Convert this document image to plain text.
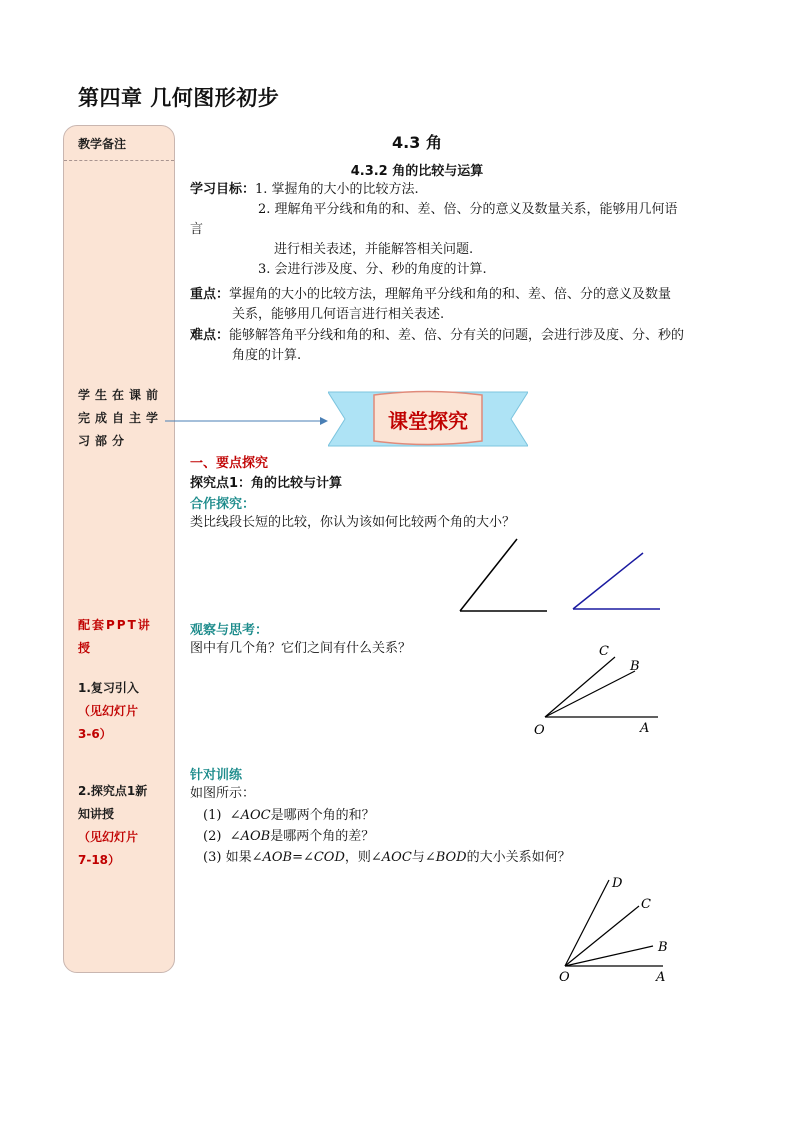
第四章 几何图形初步
教学备注
学生在课前
完成自主学
习部分
配套PPT讲
授
1.复习引入
（见幻灯片
3-6）
2.探究点1新
知讲授
（见幻灯片
7-18）
4.3 角
4.3.2 角的比较与运算
学习目标：1. 掌握角的大小的比较方法.
2. 理解角平分线和角的和、差、倍、分的意义及数量关系，能够用几何语
言
进行相关表述，并能解答相关问题.
3. 会进行涉及度、分、秒的角度的计算.
重点：掌握角的大小的比较方法，理解角平分线和角的和、差、倍、分的意义及数量
关系，能够用几何语言进行相关表述.
难点：能够解答角平分线和角的和、差、倍、分有关的问题，会进行涉及度、分、秒的
角度的计算.
课堂探究
一、要点探究
探究点1：角的比较与计算
合作探究：
类比线段长短的比较，你认为该如何比较两个角的大小？
观察与思考：
图中有几个角？它们之间有什么关系？	C
B
O	A
针对训练
如图所示：
(1) ∠AOC是哪两个角的和？
(2) ∠AOB是哪两个角的差？
(3) 如果∠AOB=∠COD，则∠AOC与∠BOD的大小关系如何？
D
C
B
O	A
